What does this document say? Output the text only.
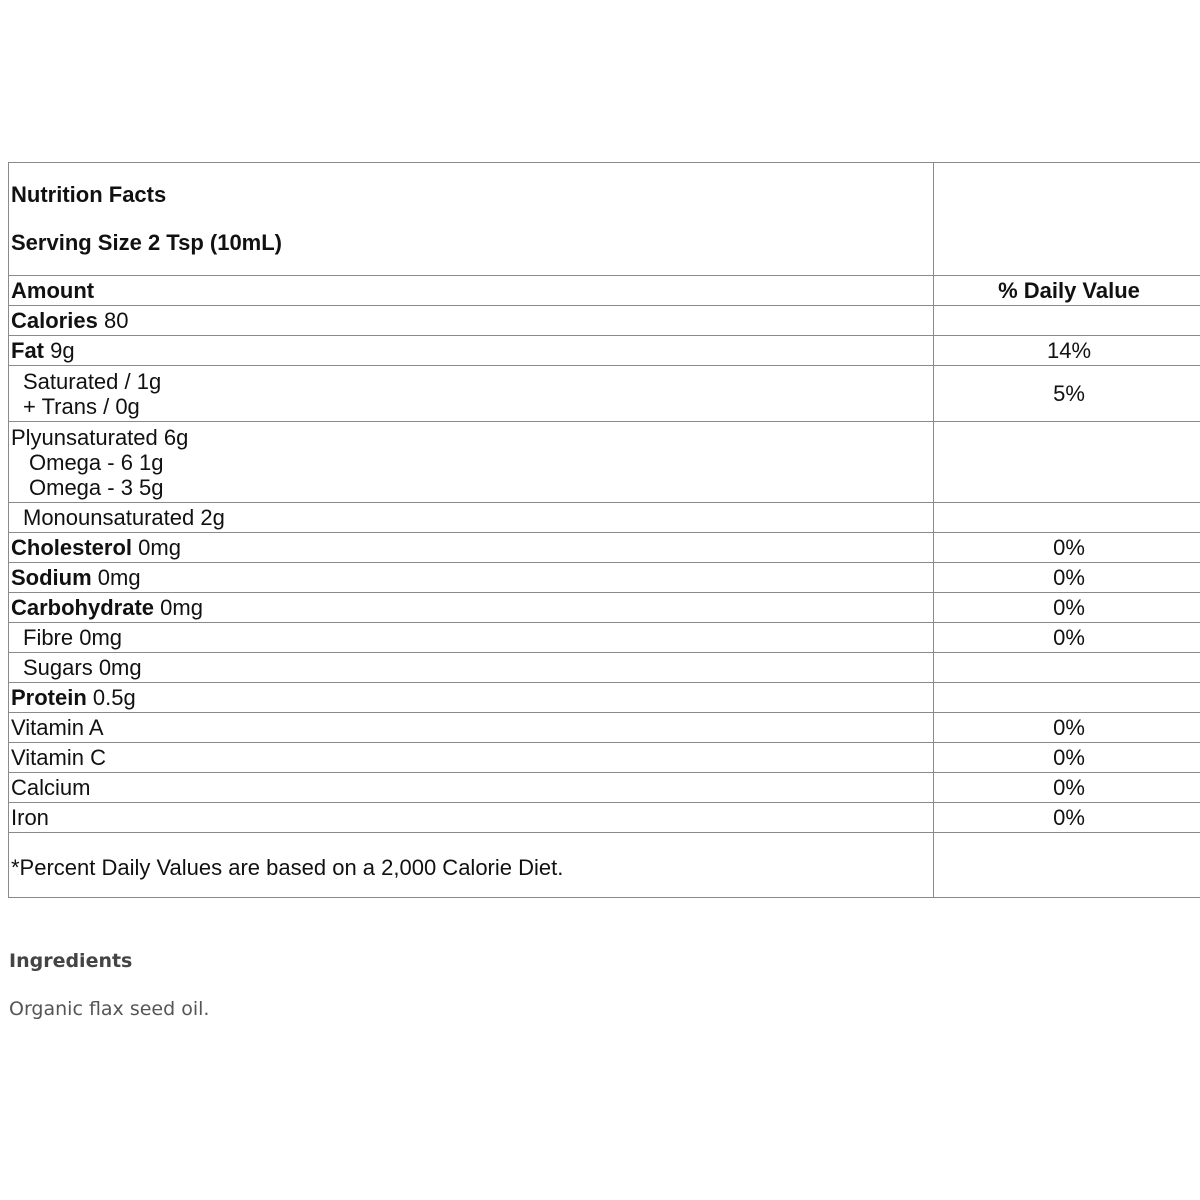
Nutrition Facts
Serving Size 2 Tsp (10mL)	

Amount	% Daily Value
Calories 80	
Fat 9g	14%

Saturated / 1g
+ Trans / 0g	5%

Plyunsaturated 6g
Omega - 6 1g
Omega - 3 5g	

Monounsaturated 2g	

Cholesterol 0mg	0%
Sodium 0mg	0%
Carbohydrate 0mg	0%

Fibre 0mg	0%

Sugars 0mg	

Protein 0.5g	
Vitamin A	0%
Vitamin C	0%
Calcium	0%
Iron	0%

*Percent Daily Values are based on a 2,000 Calorie Diet.	

Ingredients

Organic flax seed oil.
